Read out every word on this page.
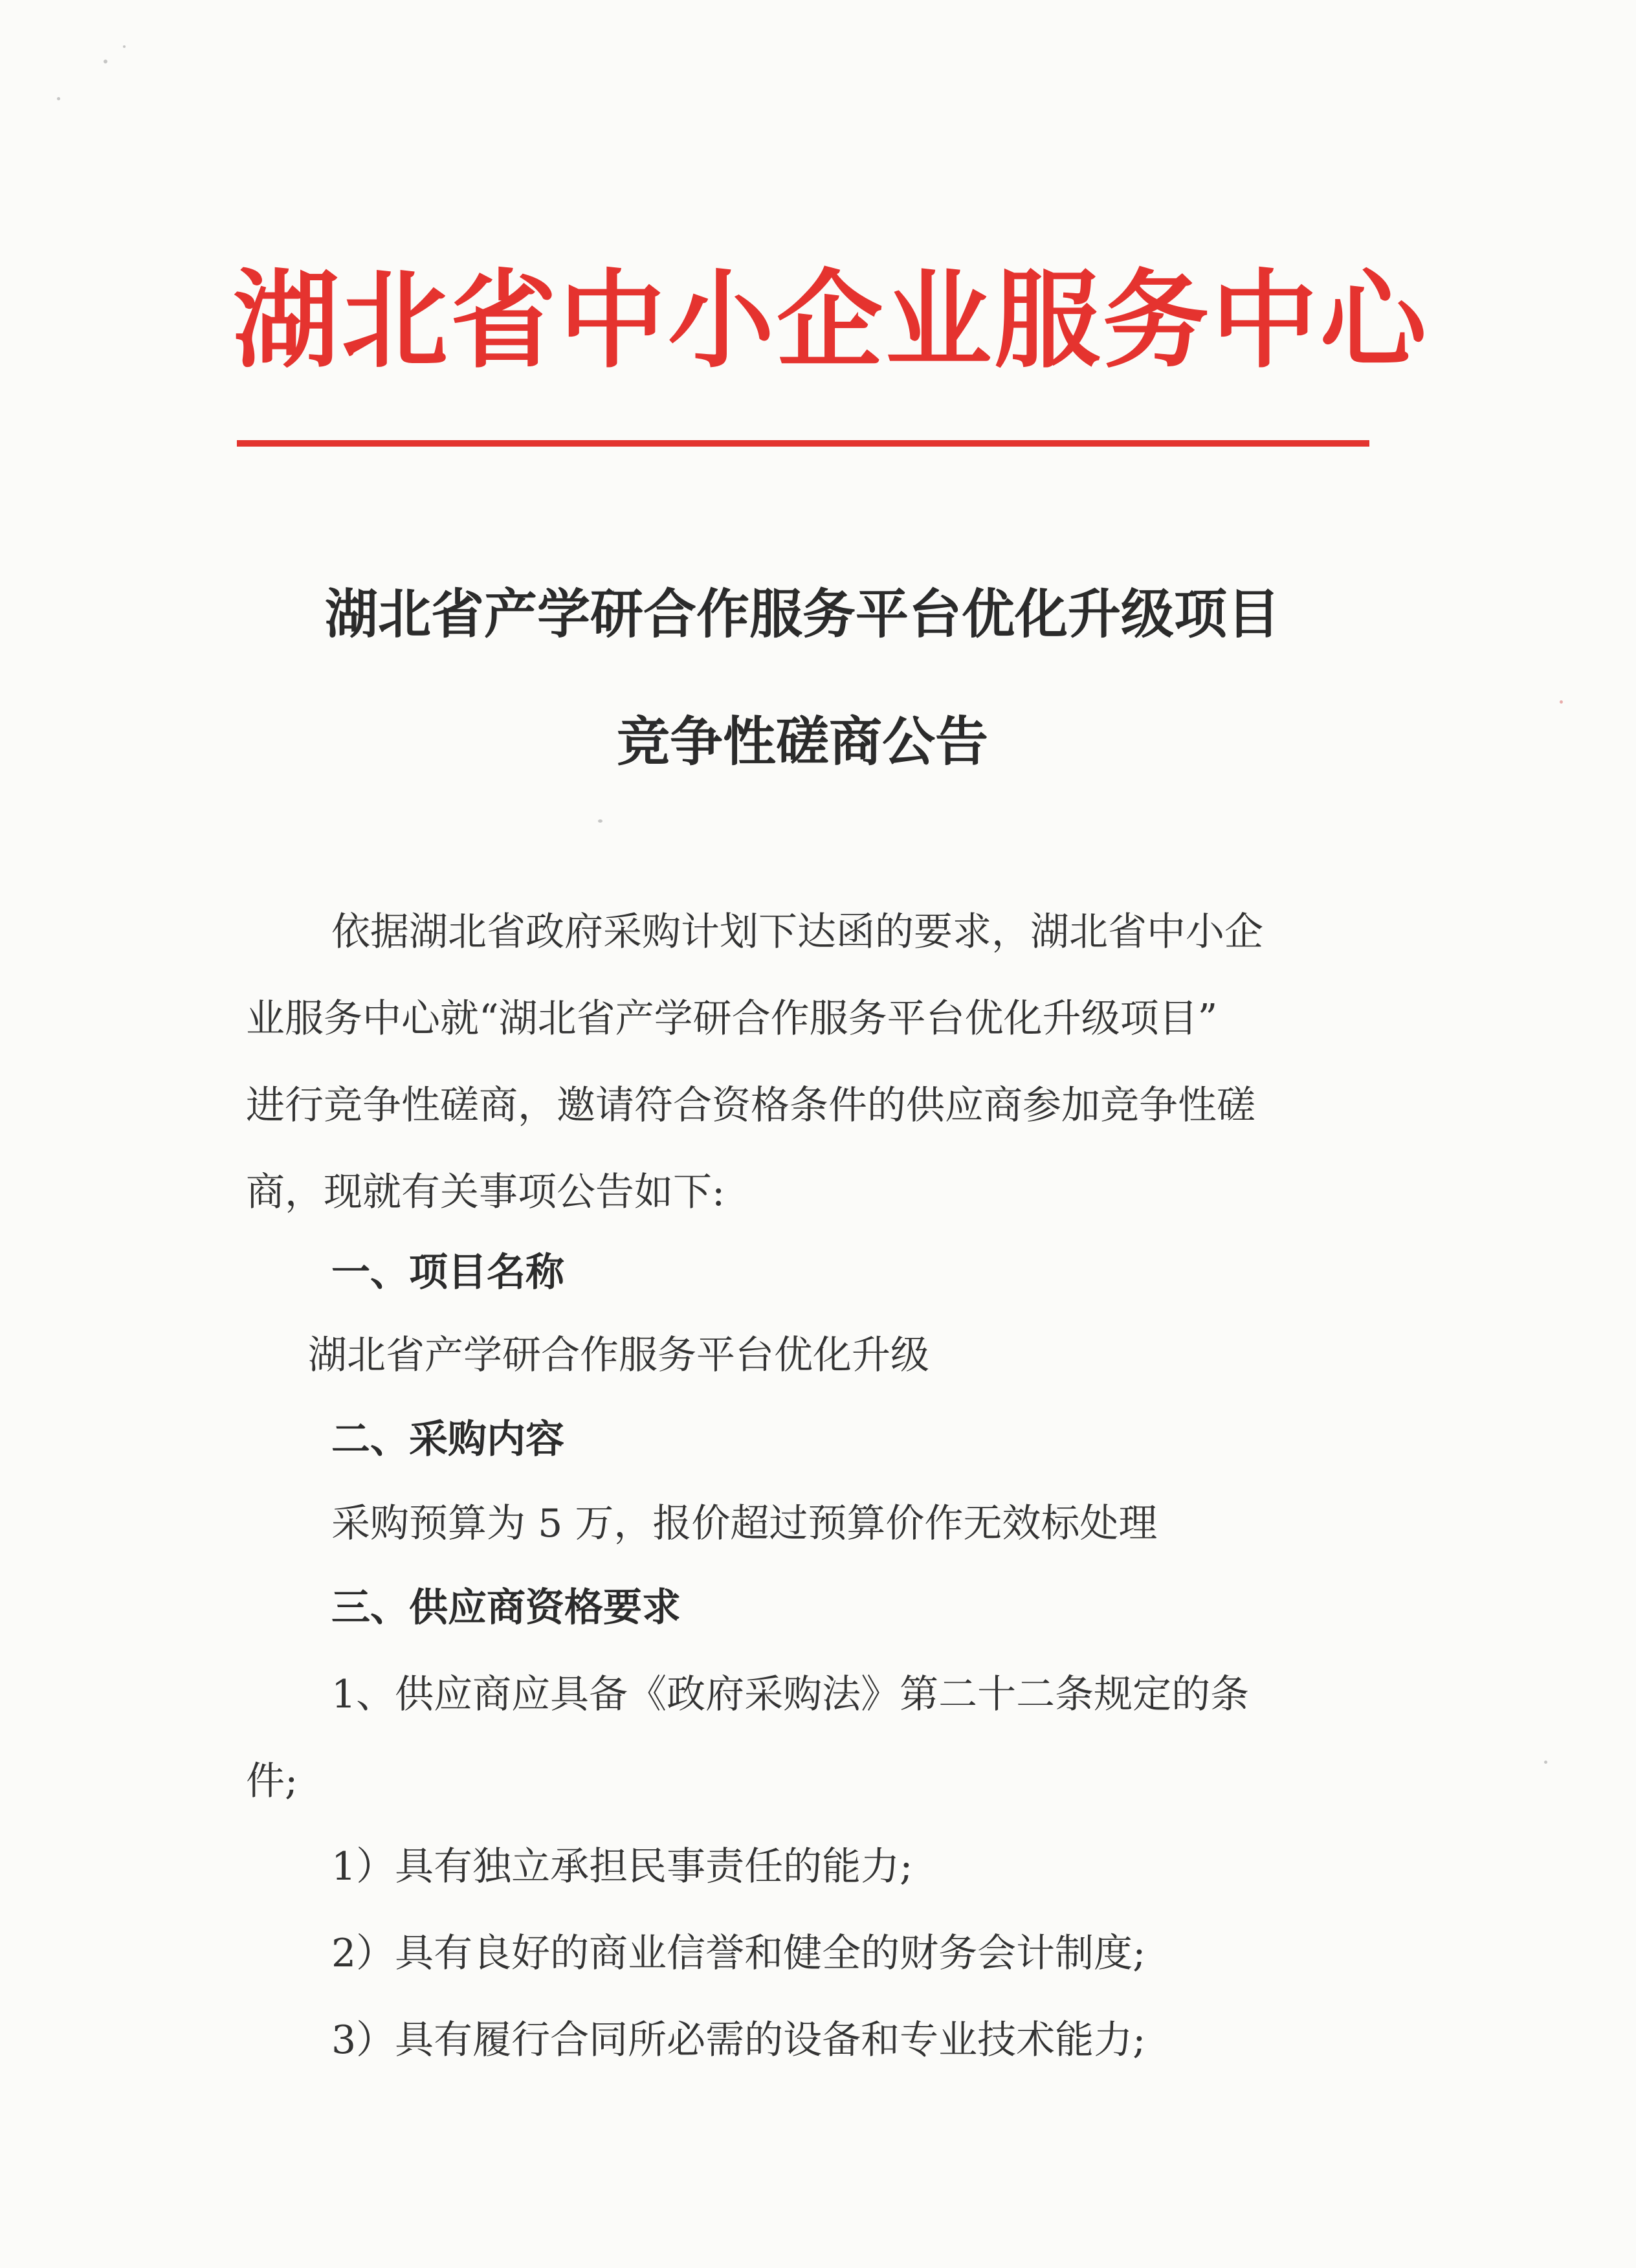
湖北省中小企业服务中心
湖北省产学研合作服务平台优化升级项目
竞争性磋商公告
依据湖北省政府采购计划下达函的要求，湖北省中小企
业服务中心就“湖北省产学研合作服务平台优化升级项目”
进行竞争性磋商，邀请符合资格条件的供应商参加竞争性磋
商，现就有关事项公告如下:
一、项目名称
湖北省产学研合作服务平台优化升级
二、采购内容
采购预算为 5 万，报价超过预算价作无效标处理
三、供应商资格要求
1、供应商应具备《政府采购法》第二十二条规定的条
件;
1）具有独立承担民事责任的能力;
2）具有良好的商业信誉和健全的财务会计制度;
3）具有履行合同所必需的设备和专业技术能力;
